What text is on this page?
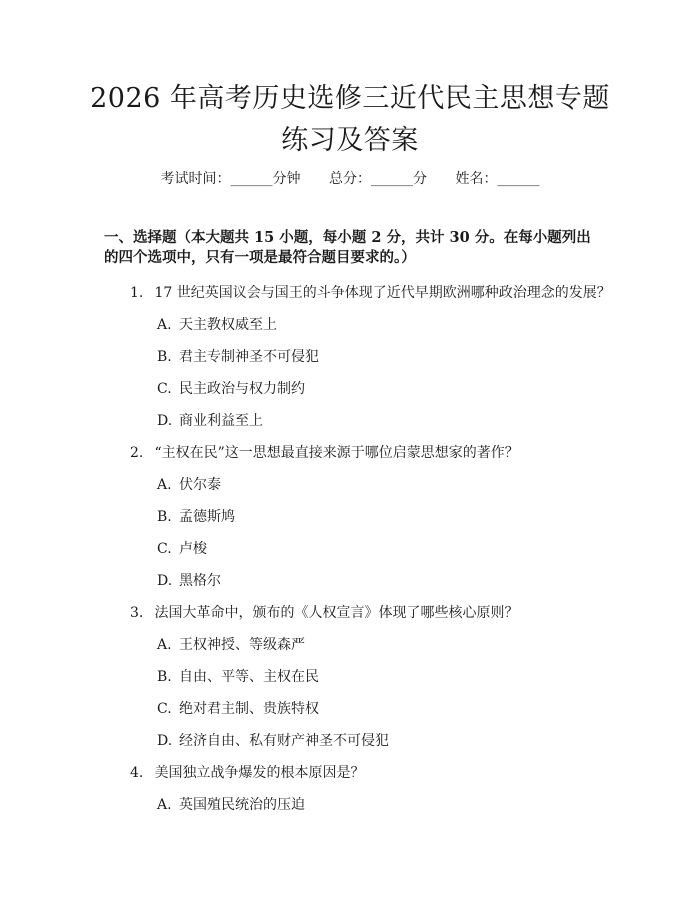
2026 年高考历史选修三近代民主思想专题练习及答案
考试时间：______分钟 总分：______分 姓名：______
一、选择题（本大题共 15 小题，每小题 2 分，共计 30 分。在每小题列出的四个选项中，只有一项是最符合题目要求的。）
1. 17 世纪英国议会与国王的斗争体现了近代早期欧洲哪种政治理念的发展？
A. 天主教权威至上
B. 君主专制神圣不可侵犯
C. 民主政治与权力制约
D. 商业利益至上
2. “主权在民”这一思想最直接来源于哪位启蒙思想家的著作？
A. 伏尔泰
B. 孟德斯鸠
C. 卢梭
D. 黑格尔
3. 法国大革命中，颁布的《人权宣言》体现了哪些核心原则？
A. 王权神授、等级森严
B. 自由、平等、主权在民
C. 绝对君主制、贵族特权
D. 经济自由、私有财产神圣不可侵犯
4. 美国独立战争爆发的根本原因是？
A. 英国殖民统治的压迫
